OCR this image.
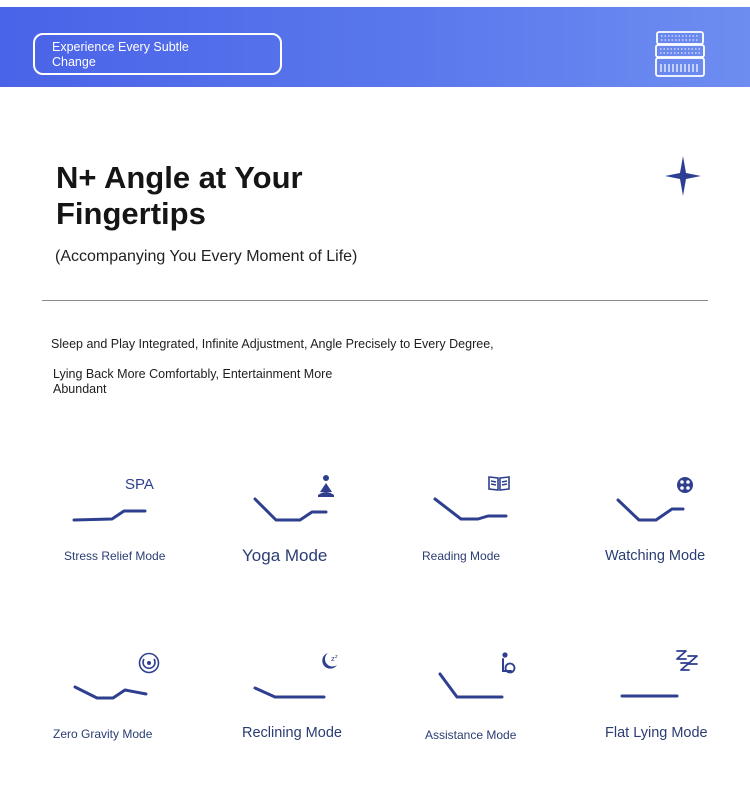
Experience Every Subtle Change
N+ Angle at Your Fingertips
(Accompanying You Every Moment of Life)
Sleep and Play Integrated, Infinite Adjustment, Angle Precisely to Every Degree,
Lying Back More Comfortably, Entertainment More Abundant
SPA
Stress Relief Mode	Yoga Mode	Reading Mode	Watching Mode
Zero Gravity Mode
z z
Reclining Mode	Assistance Mode	Flat Lying Mode
